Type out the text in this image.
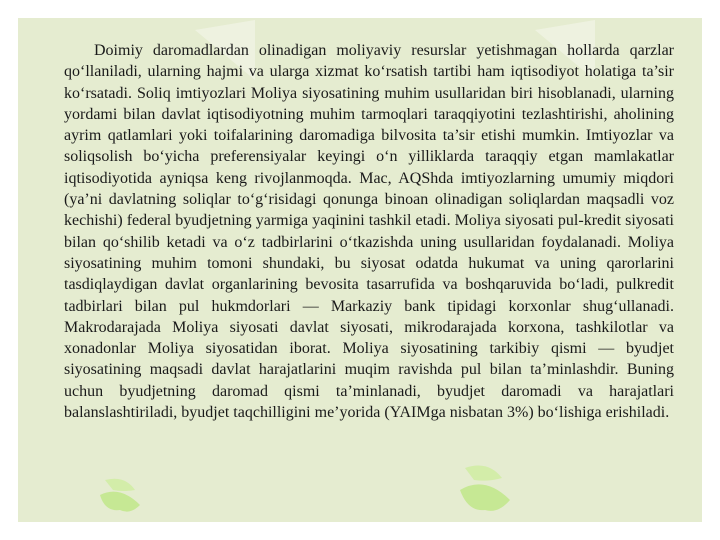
Doimiy daromadlardan olinadigan moliyaviy resurslar yetishmagan hollarda qarzlar qo‘llaniladi, ularning hajmi va ularga xizmat ko‘rsatish tartibi ham iqtisodiyot holatiga ta’sir ko‘rsatadi. Soliq imtiyozlari Moliya siyosatining muhim usullaridan biri hisoblanadi, ularning yordami bilan davlat iqtisodiyotning muhim tarmoqlari taraqqiyotini tezlashtirishi, aholining ayrim qatlamlari yoki toifalarining daromadiga bilvosita ta’sir etishi mumkin. Imtiyozlar va soliqsolish bo‘yicha preferensiyalar keyingi o‘n yilliklarda taraqqiy etgan mamlakatlar iqtisodiyotida ayniqsa keng rivojlanmoqda. Mac, AQShda imtiyozlarning umumiy miqdori (ya’ni davlatning soliqlar to‘g‘risidagi qonunga binoan olinadigan soliqlardan maqsadli voz kechishi) federal byudjetning yarmiga yaqinini tashkil etadi. Moliya siyosati pul-kredit siyosati bilan qo‘shilib ketadi va o‘z tadbirlarini o‘tkazishda uning usullaridan foydalanadi. Moliya siyosatining muhim tomoni shundaki, bu siyosat odatda hukumat va uning qarorlarini tasdiqlaydigan davlat organlarining bevosita tasarrufida va boshqaruvida bo‘ladi, pulkredit tadbirlari bilan pul hukmdorlari — Markaziy bank tipidagi korxonlar shug‘ullanadi. Makrodarajada Moliya siyosati davlat siyosati, mikrodarajada korxona, tashkilotlar va xonadonlar Moliya siyosatidan iborat. Moliya siyosatining tarkibiy qismi — byudjet siyosatining maqsadi davlat harajatlarini muqim ravishda pul bilan ta’minlashdir. Buning uchun byudjetning daromad qismi ta’minlanadi, byudjet daromadi va harajatlari balanslashtiriladi, byudjet taqchilligini me’yorida (YAIMga nisbatan 3%) bo‘lishiga erishiladi.
